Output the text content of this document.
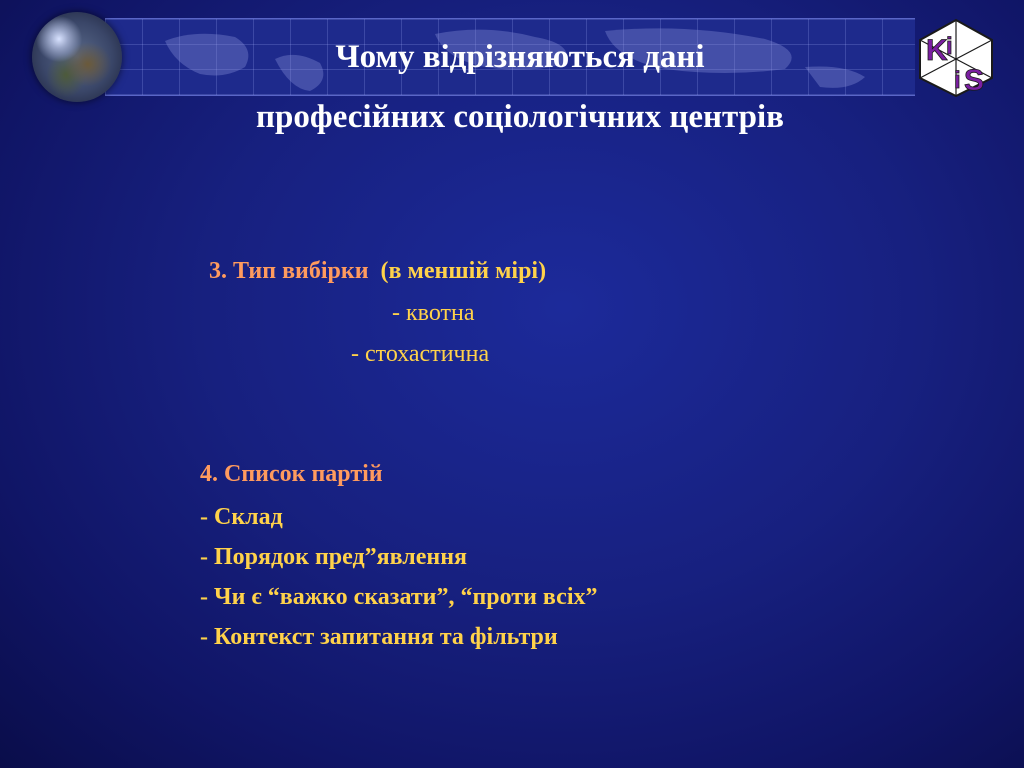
K
i
i S
Чому відрізняються дані
професійних соціологічних центрів

3. Тип вибірки  (в меншій мірі)

- квотна
- стохастична

4. Список партій

- Склад
- Порядок пред”явлення
- Чи є “важко сказати”, “проти всіх”
- Контекст запитання та фільтри
